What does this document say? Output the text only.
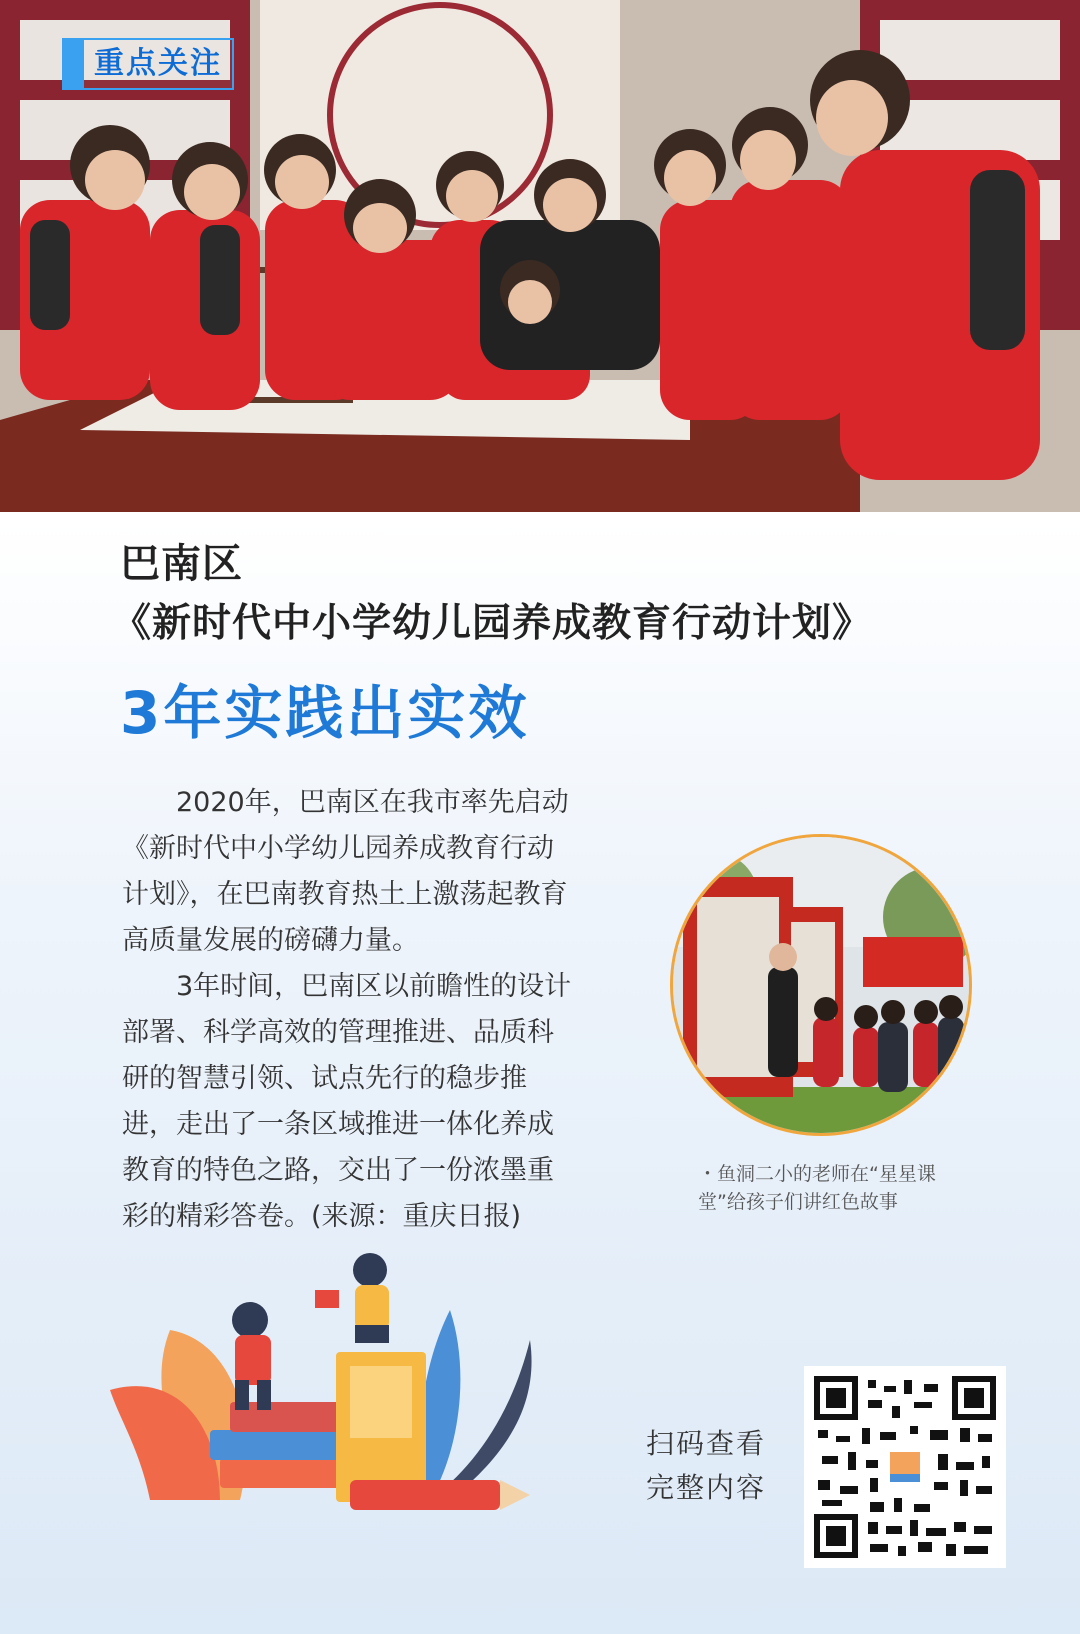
重点关注
巴南区
《新时代中小学幼儿园养成教育行动计划》
3年实践出实效

2020年，巴南区在我市率先启动《新时代中小学幼儿园养成教育行动计划》，在巴南教育热土上激荡起教育高质量发展的磅礴力量。

3年时间，巴南区以前瞻性的设计部署、科学高效的管理推进、品质科研的智慧引领、试点先行的稳步推进，走出了一条区域推进一体化养成教育的特色之路，交出了一份浓墨重彩的精彩答卷。(来源：重庆日报)

・鱼洞二小的老师在“星星课堂”给孩子们讲红色故事
扫码查看
完整内容
